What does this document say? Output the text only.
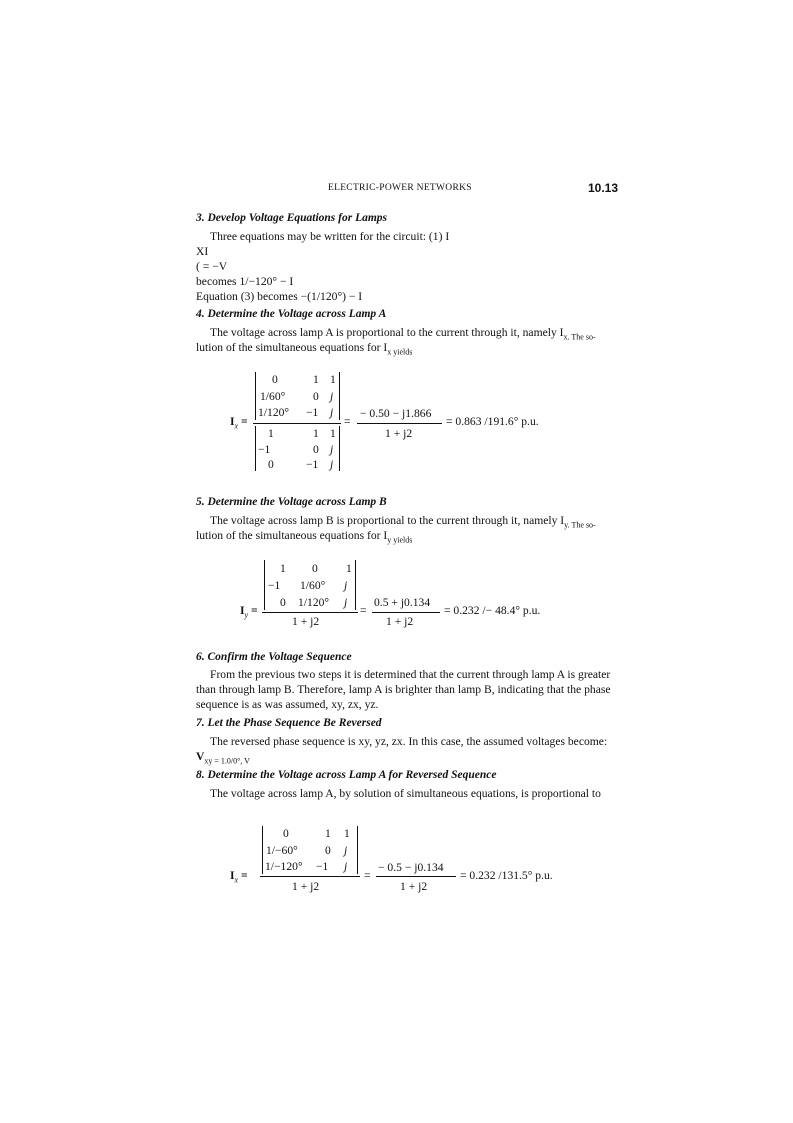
ELECTRIC-POWER NETWORKS	10.13
3. Develop Voltage Equations for Lamps
Three equations may be written for the circuit: (1) I
XI
( = −V
becomes 1/−120° − I
Equation (3) becomes −(1/120°) − I
4. Determine the Voltage across Lamp A
The voltage across lamp A is proportional to the current through it, namely $I_{x. The so-}$
lution of the simultaneous equations for $I_{x yields}$
$I_x$ =
0	1 1
1/60° 0 j
1/120° −1 j
1	1 1
−1	0 j
0	−1 j
=
− 0.50 − j1.866
1 + j2
= 0.863 /191.6° p.u.
5. Determine the Voltage across Lamp B
The voltage across lamp B is proportional to the current through it, namely $I_{y. The so-}$
lution of the simultaneous equations for $I_{y yields}$
$I_y$ =
1 0 1
−1 1/60° j
0 1/120° j
1 + j2
=
0.5 + j0.134
1 + j2
= 0.232 /− 48.4° p.u.
6. Confirm the Voltage Sequence
From the previous two steps it is determined that the current through lamp A is greater
than through lamp B. Therefore, lamp A is brighter than lamp B, indicating that the phase
sequence is as was assumed, xy, zx, yz.
7. Let the Phase Sequence Be Reversed
The reversed phase sequence is xy, yz, zx. In this case, the assumed voltages become:
$V_{xy = 1.0/0^\circ, V}$
8. Determine the Voltage across Lamp A for Reversed Sequence
The voltage across lamp A, by solution of simultaneous equations, is proportional to
$I_x$ =
0	1 1
1/−60° 0 j
1/−120° −1 j
1 + j2
=
− 0.5 − j0.134
1 + j2
= 0.232 /131.5° p.u.
